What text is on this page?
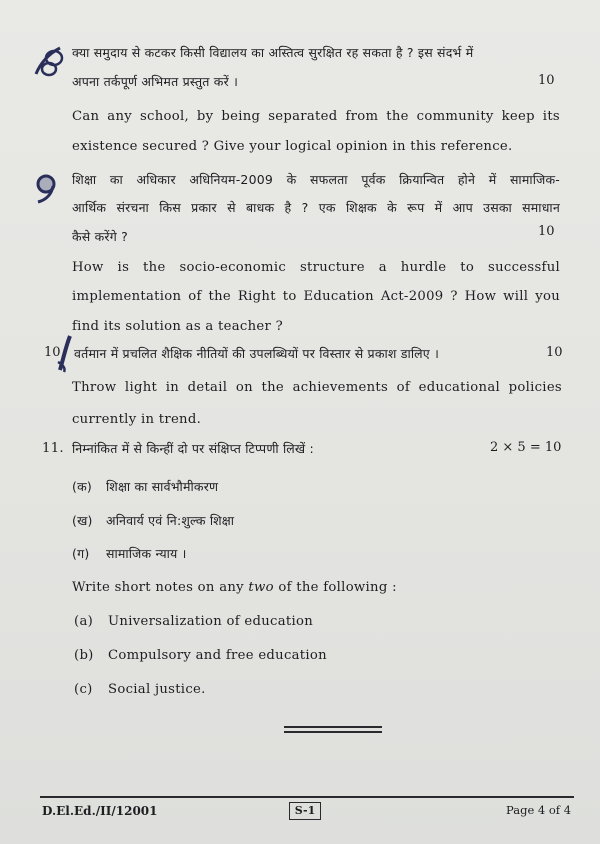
क्या समुदाय से कटकर किसी विद्यालय का अस्तित्व सुरक्षित रह सकता है ? इस संदर्भ में
अपना तर्कपूर्ण अभिमत प्रस्तुत करें ।	10
Can any school, by being separated from the community keep its
existence secured ? Give your logical opinion in this reference.
शिक्षा का अधिकार अधिनियम-2009 के सफलता पूर्वक क्रियान्वित होने में सामाजिक-
आर्थिक संरचना किस प्रकार से बाधक है ? एक शिक्षक के रूप में आप उसका समाधान
कैसे करेंगे ?	10
How is the socio-economic structure a hurdle to successful
implementation of the Right to Education Act-2009 ? How will you
find its solution as a teacher ?
10 वर्तमान में प्रचलित शैक्षिक नीतियों की उपलब्धियों पर विस्तार से प्रकाश डालिए ।	10
Throw light in detail on the achievements of educational policies
currently in trend.
11. निम्नांकित में से किन्हीं दो पर संक्षिप्त टिप्पणी लिखें :	2 × 5 = 10
(क) शिक्षा का सार्वभौमीकरण
(ख) अनिवार्य एवं नि:शुल्क शिक्षा
(ग) सामाजिक न्याय ।
Write short notes on any two of the following :
(a) Universalization of education
(b) Compulsory and free education
(c) Social justice.
D.El.Ed./II/12001	S-1	Page 4 of 4
